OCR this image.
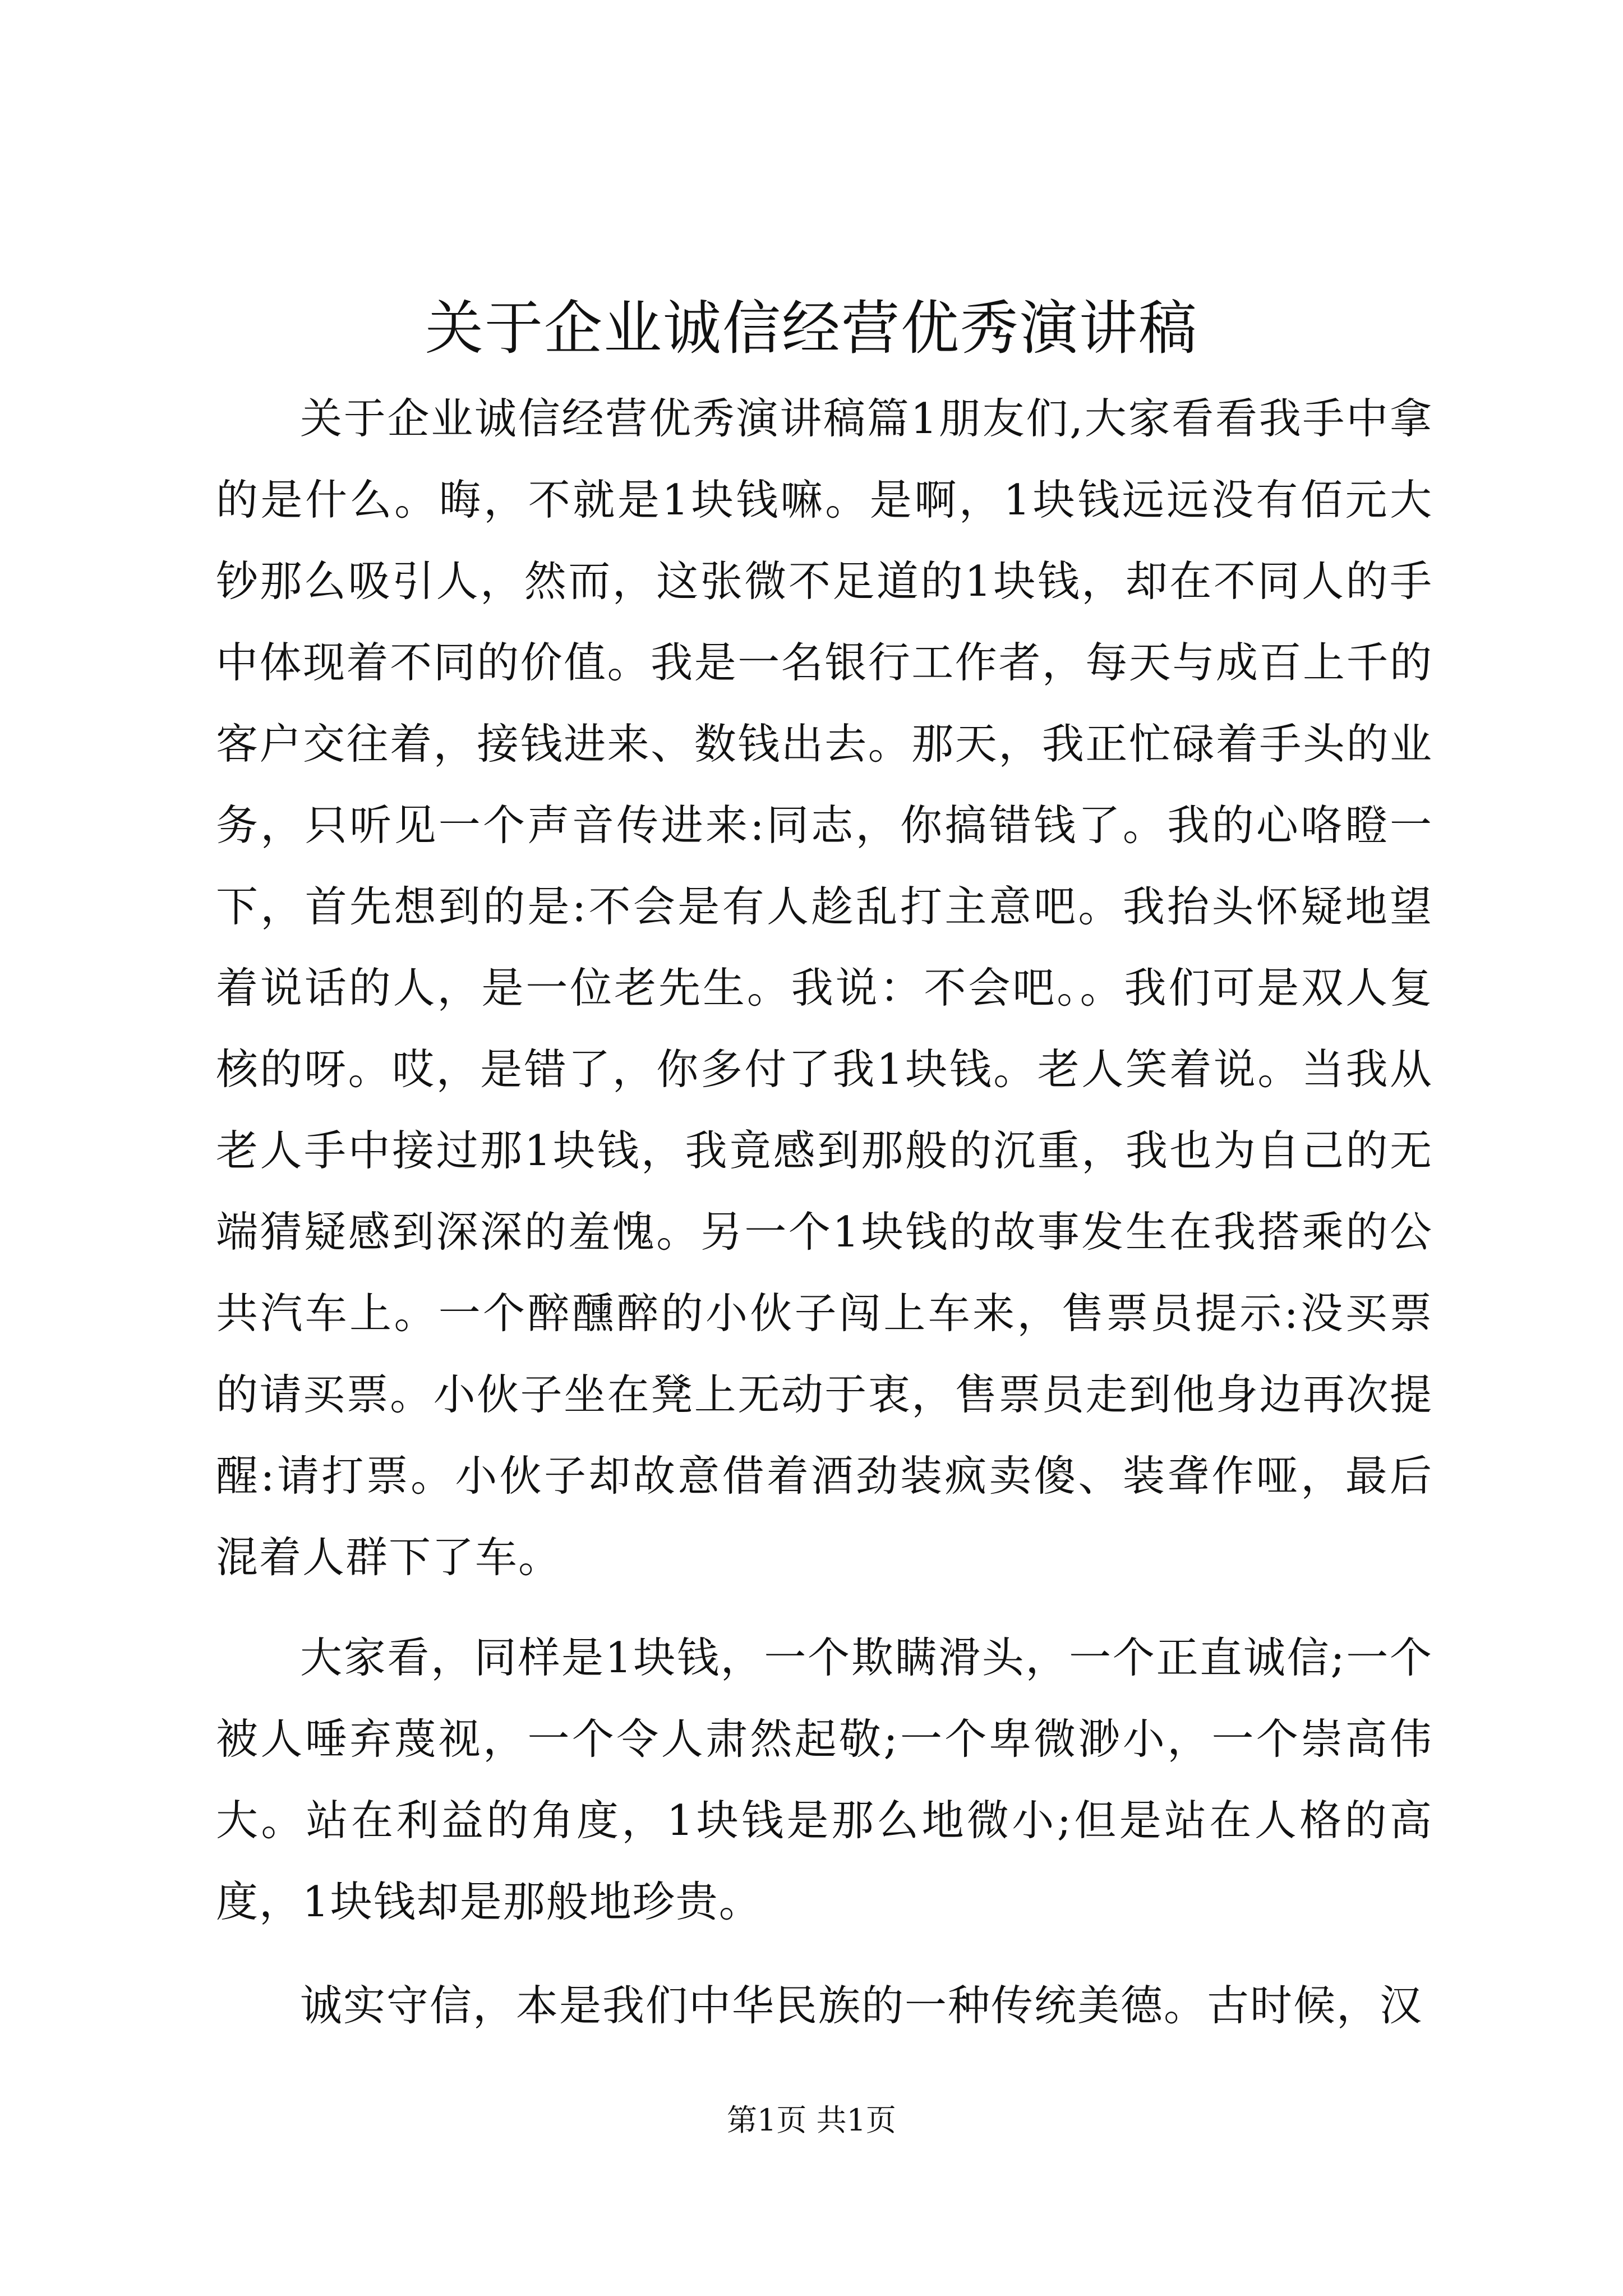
关于企业诚信经营优秀演讲稿

关于企业诚信经营优秀演讲稿篇1朋友们,大家看看我手中拿的是什么。晦，不就是1块钱嘛。是啊，1块钱远远没有佰元大钞那么吸引人，然而，这张微不足道的1块钱，却在不同人的手中体现着不同的价值。我是一名银行工作者，每天与成百上千的客户交往着，接钱进来、数钱出去。那天，我正忙碌着手头的业务，只听见一个声音传进来:同志，你搞错钱了。我的心咯瞪一下，首先想到的是:不会是有人趁乱打主意吧。我抬头怀疑地望着说话的人，是一位老先生。我说：不会吧。。我们可是双人复核的呀。哎，是错了，你多付了我1块钱。老人笑着说。当我从老人手中接过那1块钱，我竟感到那般的沉重，我也为自己的无端猜疑感到深深的羞愧。另一个1块钱的故事发生在我搭乘的公共汽车上。一个醉醺醉的小伙子闯上车来，售票员提示:没买票的请买票。小伙子坐在凳上无动于衷，售票员走到他身边再次提醒:请打票。小伙子却故意借着酒劲装疯卖傻、装聋作哑，最后混着人群下了车。

大家看，同样是1块钱，一个欺瞒滑头，一个正直诚信;一个被人唾弃蔑视，一个令人肃然起敬;一个卑微渺小，一个崇高伟大。站在利益的角度，1块钱是那么地微小;但是站在人格的高度，1块钱却是那般地珍贵。

诚实守信，本是我们中华民族的一种传统美德。古时候，汉

第1页 共1页
